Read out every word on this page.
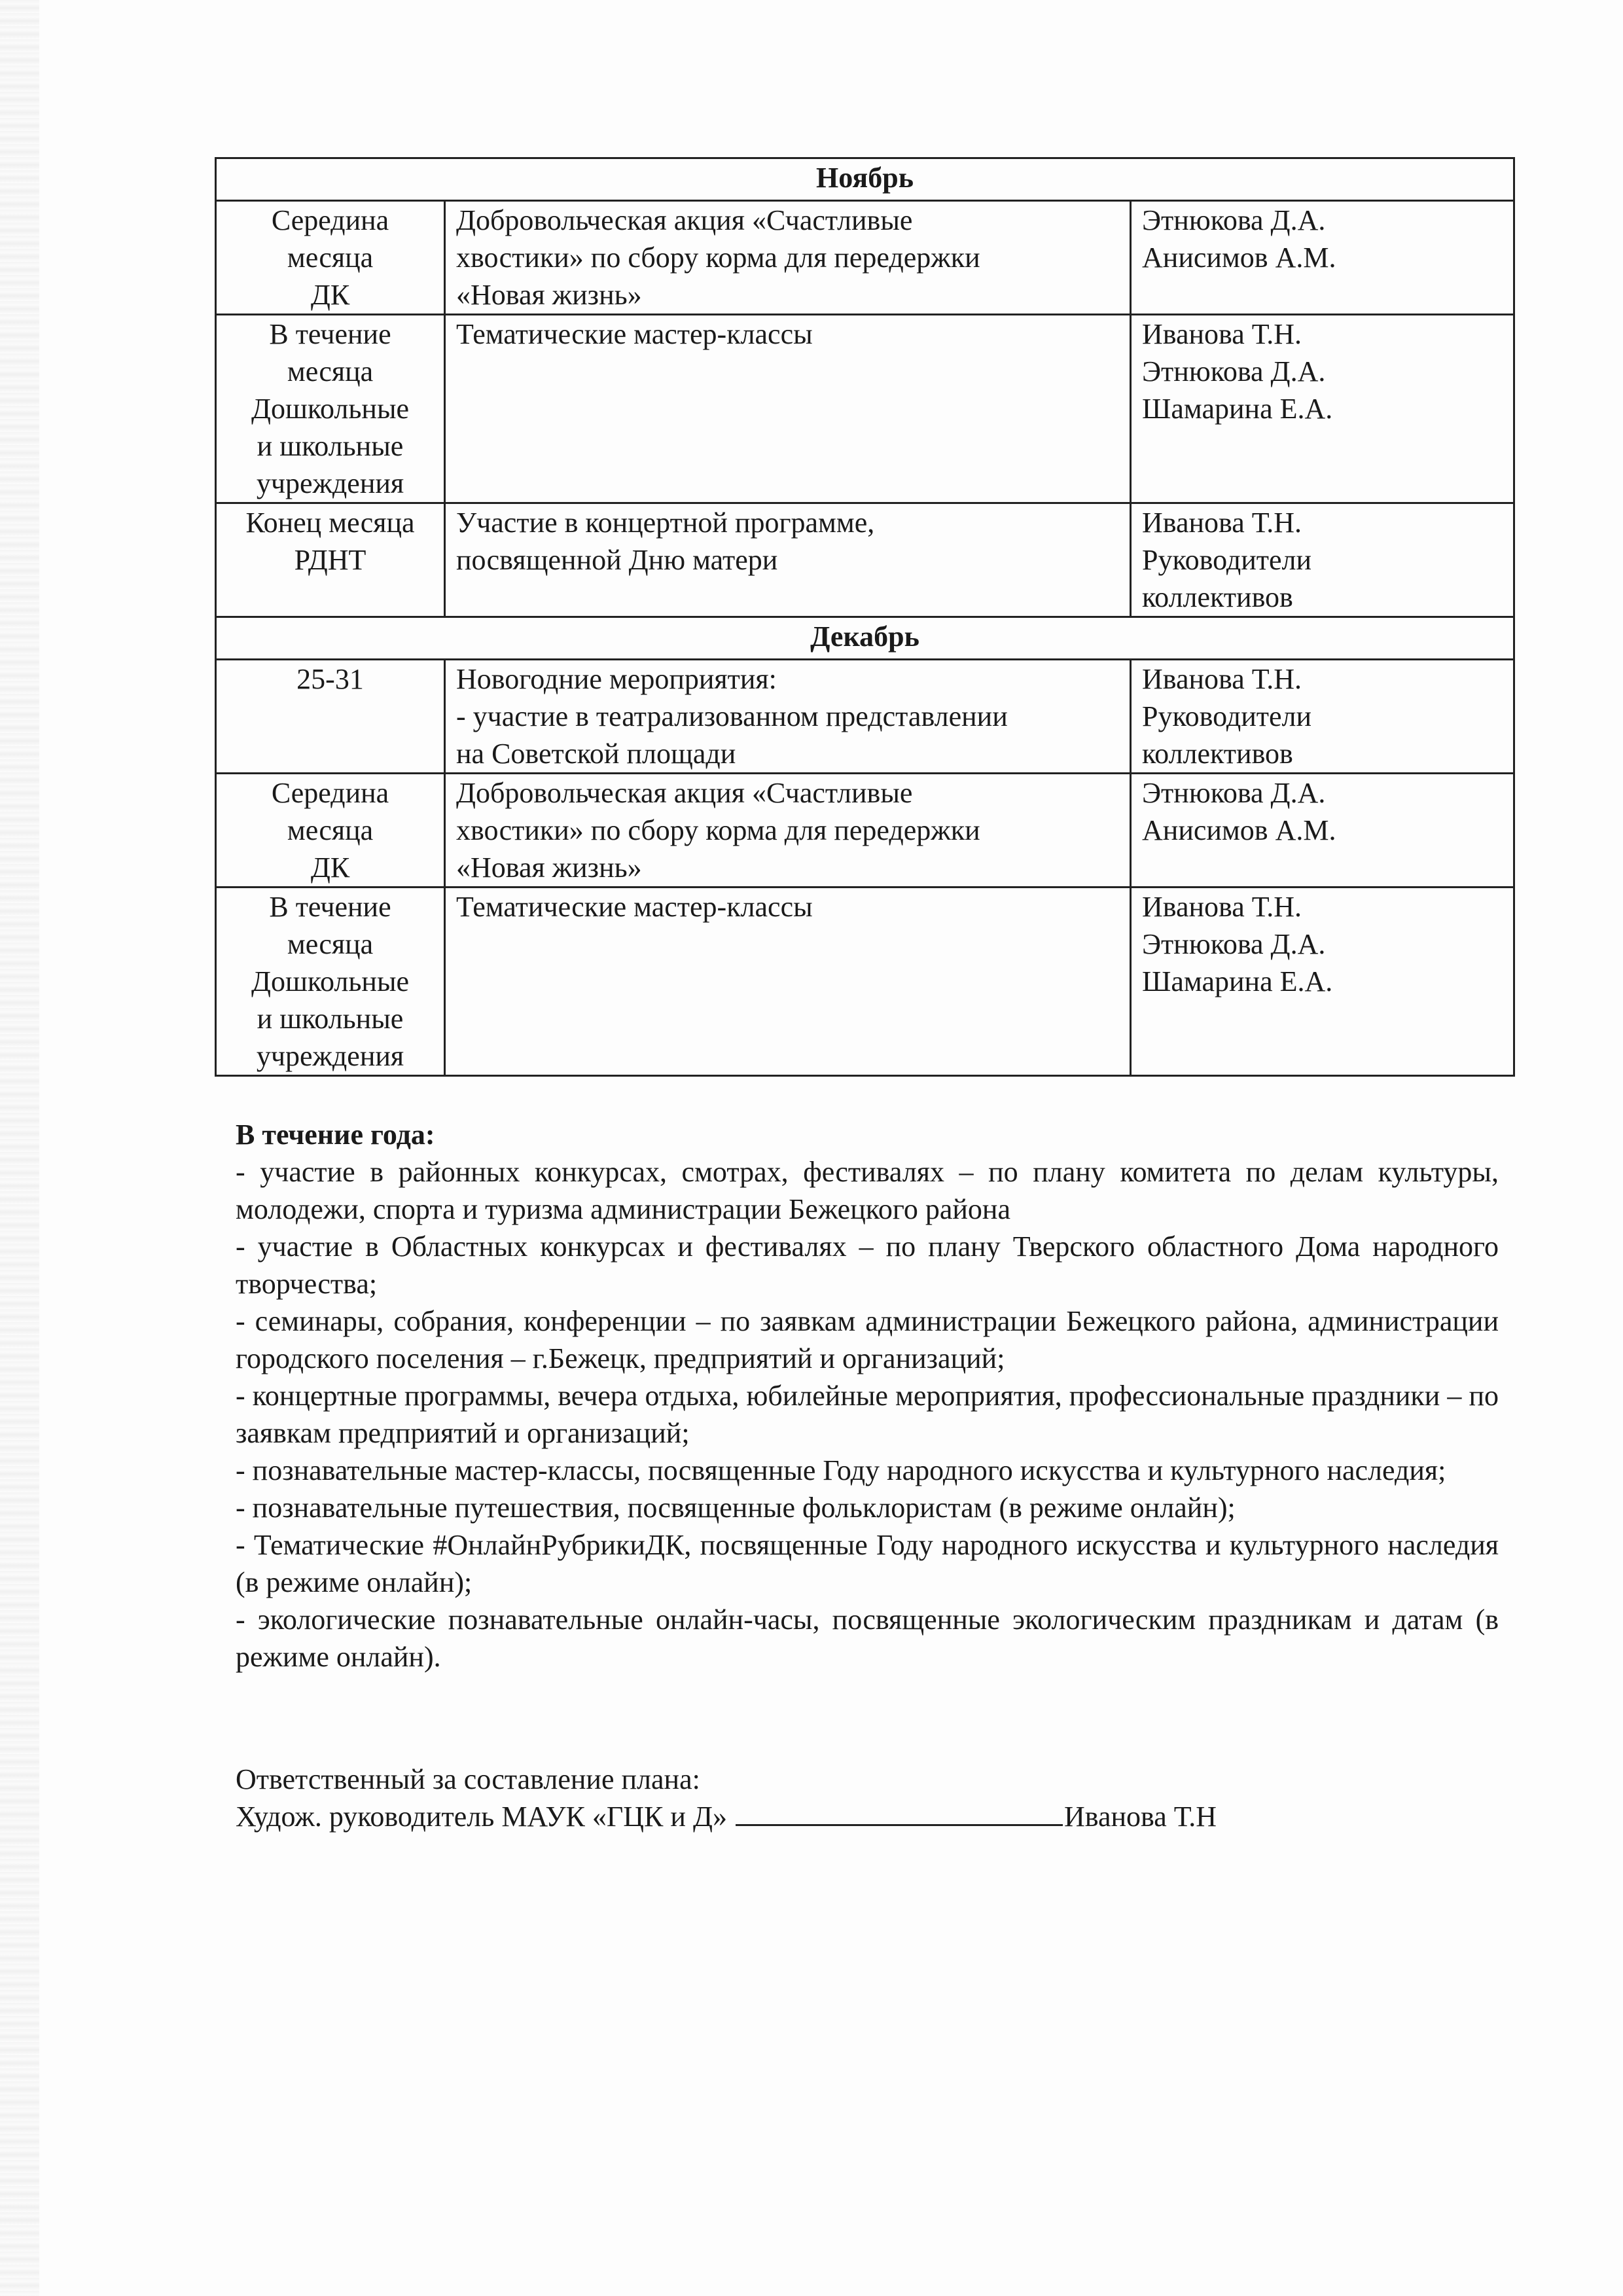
Ноябрь		

Середина
месяца
ДК	Добровольческая акция «Счастливые
хвостики» по сбору корма для передержки
«Новая жизнь»	Этнюкова Д.А.
Анисимов А.М.

В течение
месяца
Дошкольные
и школьные
учреждения	Тематические мастер-классы	Иванова Т.Н.
Этнюкова Д.А.
Шамарина Е.А.

Конец месяца
РДНТ	Участие в концертной программе,
посвященной Дню матери	Иванова Т.Н.
Руководители
коллективов

Декабрь		

25-31	Новогодние мероприятия:
- участие в театрализованном представлении
на Советской площади	Иванова Т.Н.
Руководители
коллективов

Середина
месяца
ДК	Добровольческая акция «Счастливые
хвостики» по сбору корма для передержки
«Новая жизнь»	Этнюкова Д.А.
Анисимов А.М.

В течение
месяца
Дошкольные
и школьные
учреждения	Тематические мастер-классы	Иванова Т.Н.
Этнюкова Д.А.
Шамарина Е.А.
В течение года:
- участие в районных конкурсах, смотрах, фестивалях – по плану комитета по делам культуры, молодежи, спорта и туризма администрации Бежецкого района
- участие в Областных конкурсах и фестивалях – по плану Тверского областного Дома народного творчества;
- семинары, собрания, конференции – по заявкам администрации Бежецкого района, администрации городского поселения – г.Бежецк, предприятий и организаций;
- концертные программы, вечера отдыха, юбилейные мероприятия, профессиональные праздники – по заявкам предприятий и организаций;
- познавательные мастер-классы, посвященные Году народного искусства и культурного наследия;
- познавательные путешествия, посвященные фольклористам (в режиме онлайн);
- Тематические #ОнлайнРубрикиДК, посвященные Году народного искусства и культурного наследия (в режиме онлайн);
- экологические познавательные онлайн-часы, посвященные экологическим праздникам и датам (в режиме онлайн).
Ответственный за составление плана:
Худож. руководитель МАУК «ГЦК и Д»	Иванова Т.Н
